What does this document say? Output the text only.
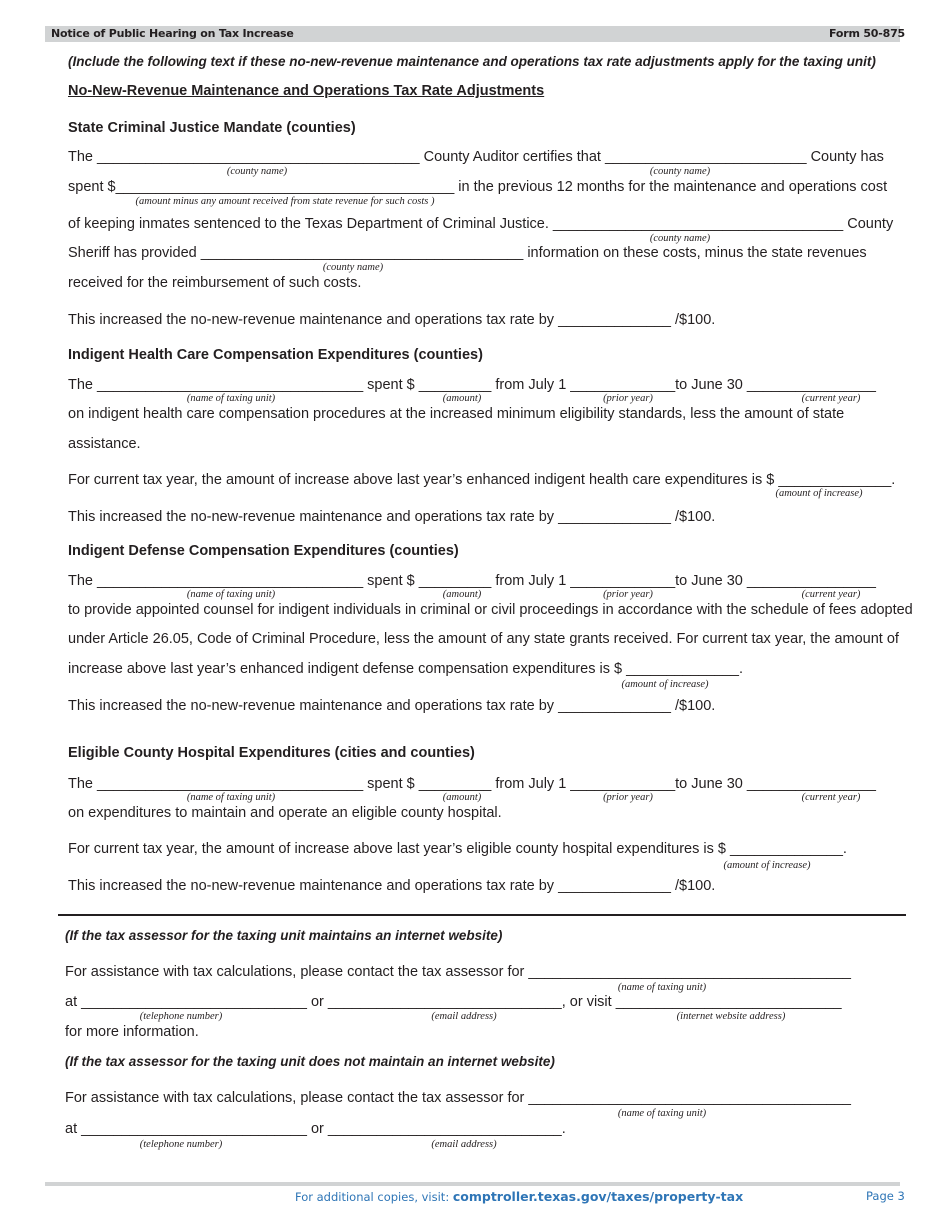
Notice of Public Hearing on Tax Increase	Form 50-875
(Include the following text if these no-new-revenue maintenance and operations tax rate adjustments apply for the taxing unit)
No-New-Revenue Maintenance and Operations Tax Rate Adjustments
State Criminal Justice Mandate (counties)
The ________________________________________ County Auditor certifies that _________________________ County has
(county name)	(county name)
spent $__________________________________________ in the previous 12 months for the maintenance and operations cost
(amount minus any amount received from state revenue for such costs )
of keeping inmates sentenced to the Texas Department of Criminal Justice. ____________________________________ County
(county name)
Sheriff has provided ________________________________________ information on these costs, minus the state revenues
(county name)
received for the reimbursement of such costs.
This increased the no-new-revenue maintenance and operations tax rate by ______________ /$100.
Indigent Health Care Compensation Expenditures (counties)
The _________________________________ spent $ _________ from July 1 _____________to June 30 ________________
(name of taxing unit)	(amount)	(prior year)	(current year)
on indigent health care compensation procedures at the increased minimum eligibility standards, less the amount of state
assistance.
For current tax year, the amount of increase above last year’s enhanced indigent health care expenditures is $ ______________.
(amount of increase)
This increased the no-new-revenue maintenance and operations tax rate by ______________ /$100.
Indigent Defense Compensation Expenditures (counties)
The _________________________________ spent $ _________ from July 1 _____________to June 30 ________________
(name of taxing unit)	(amount)	(prior year)	(current year)
to provide appointed counsel for indigent individuals in criminal or civil proceedings in accordance with the schedule of fees adopted
under Article 26.05, Code of Criminal Procedure, less the amount of any state grants received. For current tax year, the amount of
increase above last year’s enhanced indigent defense compensation expenditures is $ ______________.
(amount of increase)
This increased the no-new-revenue maintenance and operations tax rate by ______________ /$100.
Eligible County Hospital Expenditures (cities and counties)
The _________________________________ spent $ _________ from July 1 _____________to June 30 ________________
(name of taxing unit)	(amount)	(prior year)	(current year)
on expenditures to maintain and operate an eligible county hospital.
For current tax year, the amount of increase above last year’s eligible county hospital expenditures is $ ______________.
(amount of increase)
This increased the no-new-revenue maintenance and operations tax rate by ______________ /$100.
(If the tax assessor for the taxing unit maintains an internet website)
For assistance with tax calculations, please contact the tax assessor for ________________________________________
(name of taxing unit)
at ____________________________ or _____________________________, or visit ____________________________
(telephone number)	(email address)	(internet website address)
for more information.
(If the tax assessor for the taxing unit does not maintain an internet website)
For assistance with tax calculations, please contact the tax assessor for ________________________________________
(name of taxing unit)
at ____________________________ or _____________________________.
(telephone number)	(email address)
For additional copies, visit: comptroller.texas.gov/taxes/property-tax	Page 3
